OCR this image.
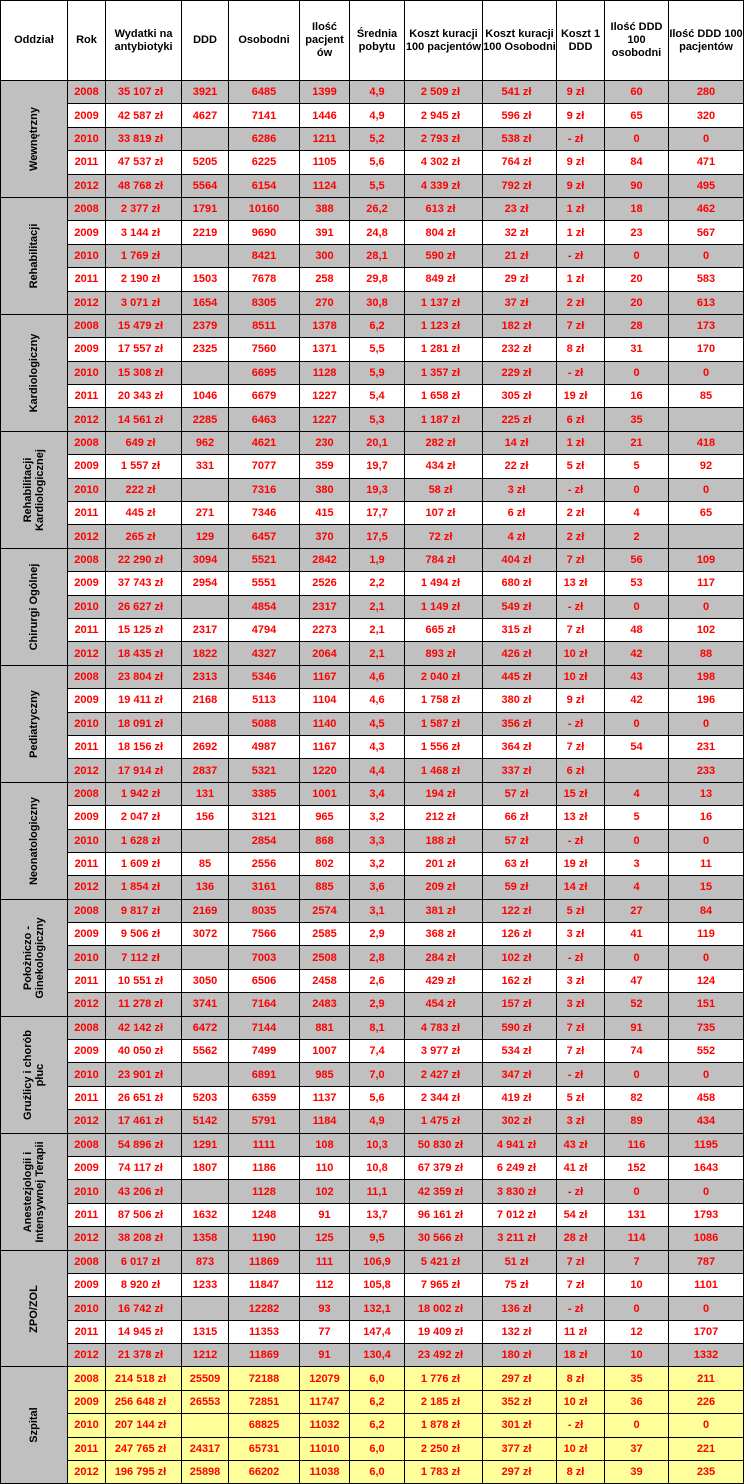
Oddział	Rok	Wydatki na antybiotyki	DDD	Osobodni	Ilość pacjent ów	Średnia pobytu	Koszt kuracji 100 pacjentów	Koszt kuracji 100 Osobodni	Koszt 1 DDD	Ilość DDD 100 osobodni	Ilość DDD 100 pacjentów

Wewnętrzny	2008	35 107 zł	3921	6485	1399	4,9	2 509 zł	541 zł	9 zł	60	280
	2009	42 587 zł	4627	7141	1446	4,9	2 945 zł	596 zł	9 zł	65	320
	2010	33 819 zł		6286	1211	5,2	2 793 zł	538 zł	- zł	0	0
	2011	47 537 zł	5205	6225	1105	5,6	4 302 zł	764 zł	9 zł	84	471
	2012	48 768 zł	5564	6154	1124	5,5	4 339 zł	792 zł	9 zł	90	495

Rehabilitacji	2008	2 377 zł	1791	10160	388	26,2	613 zł	23 zł	1 zł	18	462
	2009	3 144 zł	2219	9690	391	24,8	804 zł	32 zł	1 zł	23	567
	2010	1 769 zł		8421	300	28,1	590 zł	21 zł	- zł	0	0
	2011	2 190 zł	1503	7678	258	29,8	849 zł	29 zł	1 zł	20	583
	2012	3 071 zł	1654	8305	270	30,8	1 137 zł	37 zł	2 zł	20	613

Kardiologiczny	2008	15 479 zł	2379	8511	1378	6,2	1 123 zł	182 zł	7 zł	28	173
	2009	17 557 zł	2325	7560	1371	5,5	1 281 zł	232 zł	8 zł	31	170
	2010	15 308 zł		6695	1128	5,9	1 357 zł	229 zł	- zł	0	0
	2011	20 343 zł	1046	6679	1227	5,4	1 658 zł	305 zł	19 zł	16	85
	2012	14 561 zł	2285	6463	1227	5,3	1 187 zł	225 zł	6 zł	35	

Rehabilitacji Kardiologicznej	2008	649 zł	962	4621	230	20,1	282 zł	14 zł	1 zł	21	418
	2009	1 557 zł	331	7077	359	19,7	434 zł	22 zł	5 zł	5	92
	2010	222 zł		7316	380	19,3	58 zł	3 zł	- zł	0	0
	2011	445 zł	271	7346	415	17,7	107 zł	6 zł	2 zł	4	65
	2012	265 zł	129	6457	370	17,5	72 zł	4 zł	2 zł	2	

Chirurgi Ogólnej	2008	22 290 zł	3094	5521	2842	1,9	784 zł	404 zł	7 zł	56	109
	2009	37 743 zł	2954	5551	2526	2,2	1 494 zł	680 zł	13 zł	53	117
	2010	26 627 zł		4854	2317	2,1	1 149 zł	549 zł	- zł	0	0
	2011	15 125 zł	2317	4794	2273	2,1	665 zł	315 zł	7 zł	48	102
	2012	18 435 zł	1822	4327	2064	2,1	893 zł	426 zł	10 zł	42	88

Pediatryczny	2008	23 804 zł	2313	5346	1167	4,6	2 040 zł	445 zł	10 zł	43	198
	2009	19 411 zł	2168	5113	1104	4,6	1 758 zł	380 zł	9 zł	42	196
	2010	18 091 zł		5088	1140	4,5	1 587 zł	356 zł	- zł	0	0
	2011	18 156 zł	2692	4987	1167	4,3	1 556 zł	364 zł	7 zł	54	231
	2012	17 914 zł	2837	5321	1220	4,4	1 468 zł	337 zł	6 zł		233

Neonatologiczny	2008	1 942 zł	131	3385	1001	3,4	194 zł	57 zł	15 zł	4	13
	2009	2 047 zł	156	3121	965	3,2	212 zł	66 zł	13 zł	5	16
	2010	1 628 zł		2854	868	3,3	188 zł	57 zł	- zł	0	0
	2011	1 609 zł	85	2556	802	3,2	201 zł	63 zł	19 zł	3	11
	2012	1 854 zł	136	3161	885	3,6	209 zł	59 zł	14 zł	4	15

Położniczo -Ginekologiczny	2008	9 817 zł	2169	8035	2574	3,1	381 zł	122 zł	5 zł	27	84
	2009	9 506 zł	3072	7566	2585	2,9	368 zł	126 zł	3 zł	41	119
	2010	7 112 zł		7003	2508	2,8	284 zł	102 zł	- zł	0	0
	2011	10 551 zł	3050	6506	2458	2,6	429 zł	162 zł	3 zł	47	124
	2012	11 278 zł	3741	7164	2483	2,9	454 zł	157 zł	3 zł	52	151

Gruźlicy i chorób płuc	2008	42 142 zł	6472	7144	881	8,1	4 783 zł	590 zł	7 zł	91	735
	2009	40 050 zł	5562	7499	1007	7,4	3 977 zł	534 zł	7 zł	74	552
	2010	23 901 zł		6891	985	7,0	2 427 zł	347 zł	- zł	0	0
	2011	26 651 zł	5203	6359	1137	5,6	2 344 zł	419 zł	5 zł	82	458
	2012	17 461 zł	5142	5791	1184	4,9	1 475 zł	302 zł	3 zł	89	434

Anestezjologii i Intensywnej Terapii	2008	54 896 zł	1291	1111	108	10,3	50 830 zł	4 941 zł	43 zł	116	1195
	2009	74 117 zł	1807	1186	110	10,8	67 379 zł	6 249 zł	41 zł	152	1643
	2010	43 206 zł		1128	102	11,1	42 359 zł	3 830 zł	- zł	0	0
	2011	87 506 zł	1632	1248	91	13,7	96 161 zł	7 012 zł	54 zł	131	1793
	2012	38 208 zł	1358	1190	125	9,5	30 566 zł	3 211 zł	28 zł	114	1086

ZPO/ZOL	2008	6 017 zł	873	11869	111	106,9	5 421 zł	51 zł	7 zł	7	787
	2009	8 920 zł	1233	11847	112	105,8	7 965 zł	75 zł	7 zł	10	1101
	2010	16 742 zł		12282	93	132,1	18 002 zł	136 zł	- zł	0	0
	2011	14 945 zł	1315	11353	77	147,4	19 409 zł	132 zł	11 zł	12	1707
	2012	21 378 zł	1212	11869	91	130,4	23 492 zł	180 zł	18 zł	10	1332

Szpital	2008	214 518 zł	25509	72188	12079	6,0	1 776 zł	297 zł	8 zł	35	211
	2009	256 648 zł	26553	72851	11747	6,2	2 185 zł	352 zł	10 zł	36	226
	2010	207 144 zł		68825	11032	6,2	1 878 zł	301 zł	- zł	0	0
	2011	247 765 zł	24317	65731	11010	6,0	2 250 zł	377 zł	10 zł	37	221
	2012	196 795 zł	25898	66202	11038	6,0	1 783 zł	297 zł	8 zł	39	235
